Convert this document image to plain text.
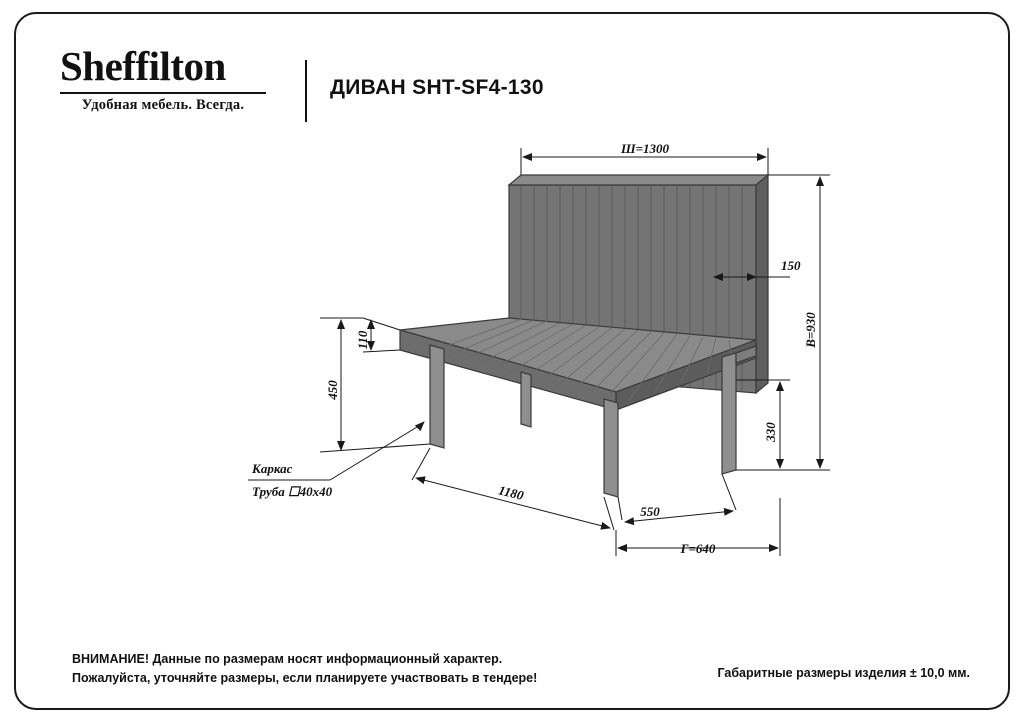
Sheffilton
Удобная мебель. Всегда.
ДИВАН SHT-SF4-130
ВНИМАНИЕ! Данные по размерам носят информационный характер.
Пожалуйста, уточняйте размеры, если планируете участвовать в тендере!	Габаритные размеры изделия ± 10,0 мм.
Ш=1300
150
550
Г=640
1180
В=930
330
110
450
Каркас
Труба ☐40х40
